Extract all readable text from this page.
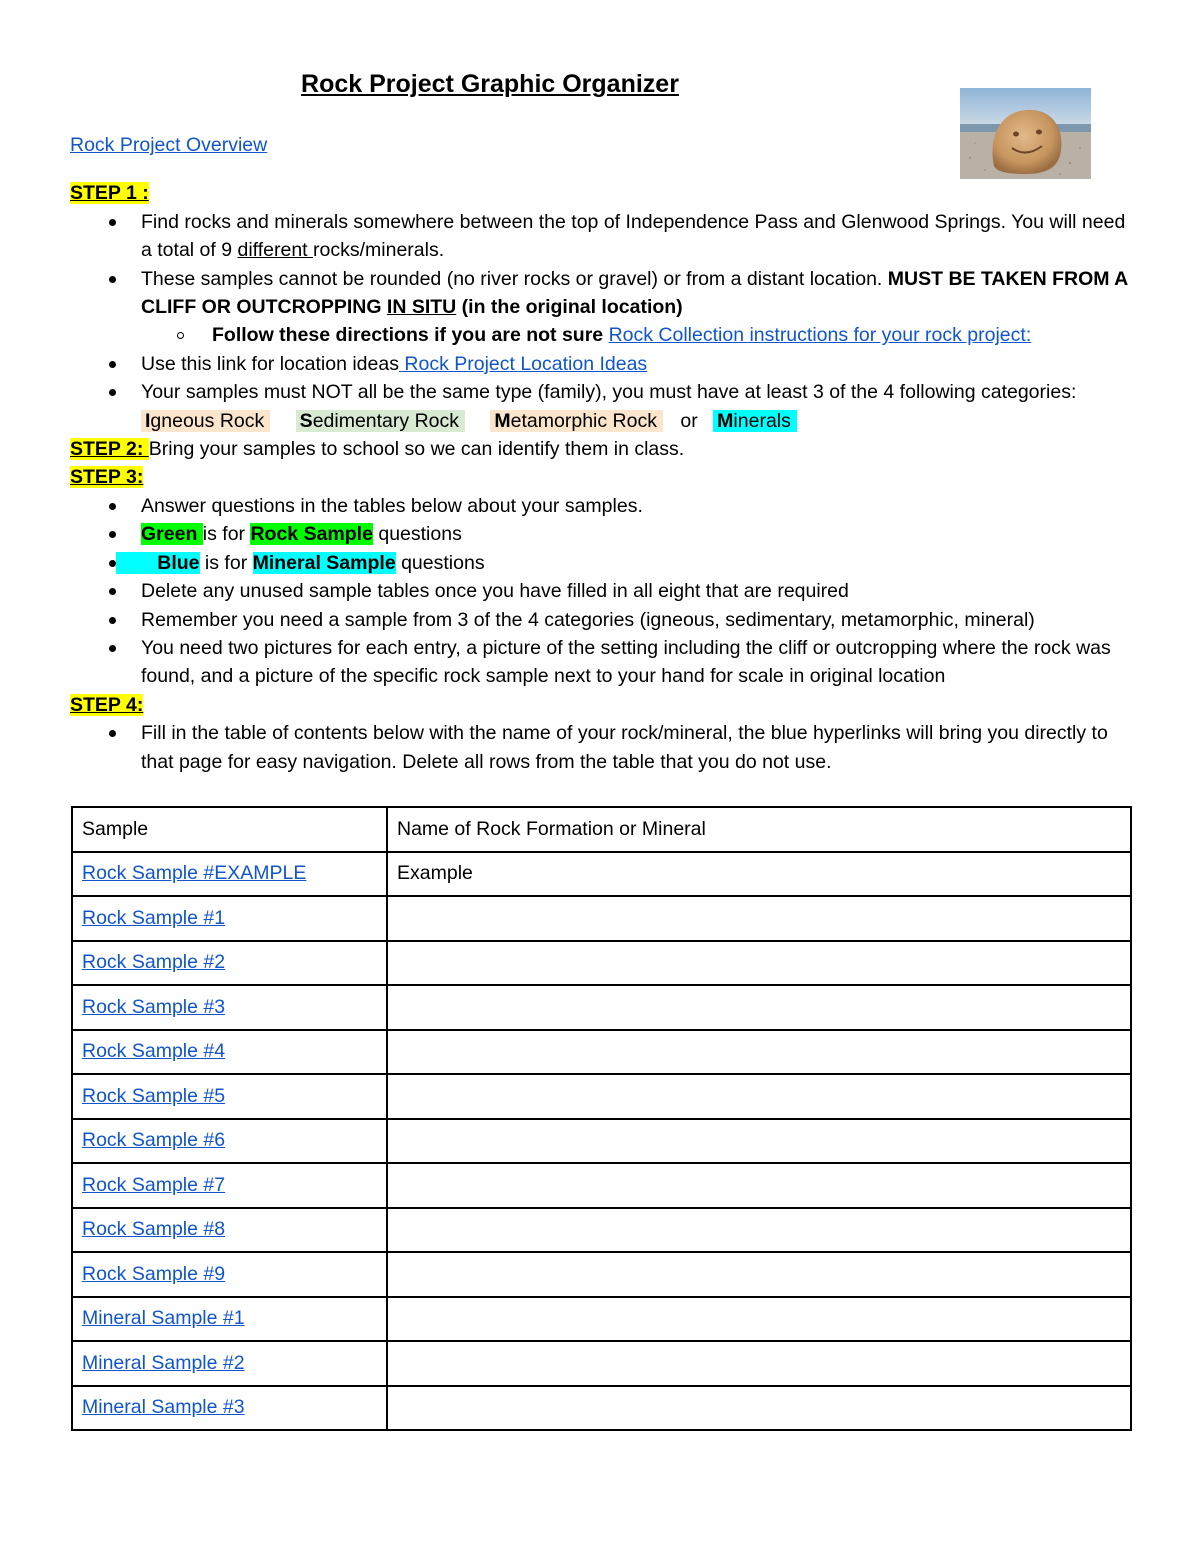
Rock Project Graphic Organizer
Rock Project Overview
STEP 1 :
Find rocks and minerals somewhere between the top of Independence Pass and Glenwood Springs. You will need a total of 9 different rocks/minerals.
These samples cannot be rounded (no river rocks or gravel) or from a distant location. MUST BE TAKEN FROM A CLIFF OR OUTCROPPING IN SITU (in the original location)
Follow these directions if you are not sure Rock Collection instructions for your rock project:
Use this link for location ideas Rock Project Location Ideas
Your samples must NOT all be the same type (family), you must have at least 3 of the 4 following categories:  Igneous Rock Sedimentary Rock Metamorphic Rock or Minerals
STEP 2: Bring your samples to school so we can identify them in class.
STEP 3:
Answer questions in the tables below about your samples.
Green is for Rock Sample questions
Blue is for Mineral Sample questions
Delete any unused sample tables once you have filled in all eight that are required
Remember you need a sample from 3 of the 4 categories (igneous, sedimentary, metamorphic, mineral)
You need two pictures for each entry, a picture of the setting including the cliff or outcropping where the rock was found, and a picture of the specific rock sample next to your hand for scale in original location
STEP 4:
Fill in the table of contents below with the name of your rock/mineral, the blue hyperlinks will bring you directly to that page for easy navigation. Delete all rows from the table that you do not use.
Sample	Name of Rock Formation or Mineral
Rock Sample #EXAMPLE	Example
Rock Sample #1	
Rock Sample #2	
Rock Sample #3	
Rock Sample #4	
Rock Sample #5	
Rock Sample #6	
Rock Sample #7	
Rock Sample #8	
Rock Sample #9	
Mineral Sample #1	
Mineral Sample #2	
Mineral Sample #3	
